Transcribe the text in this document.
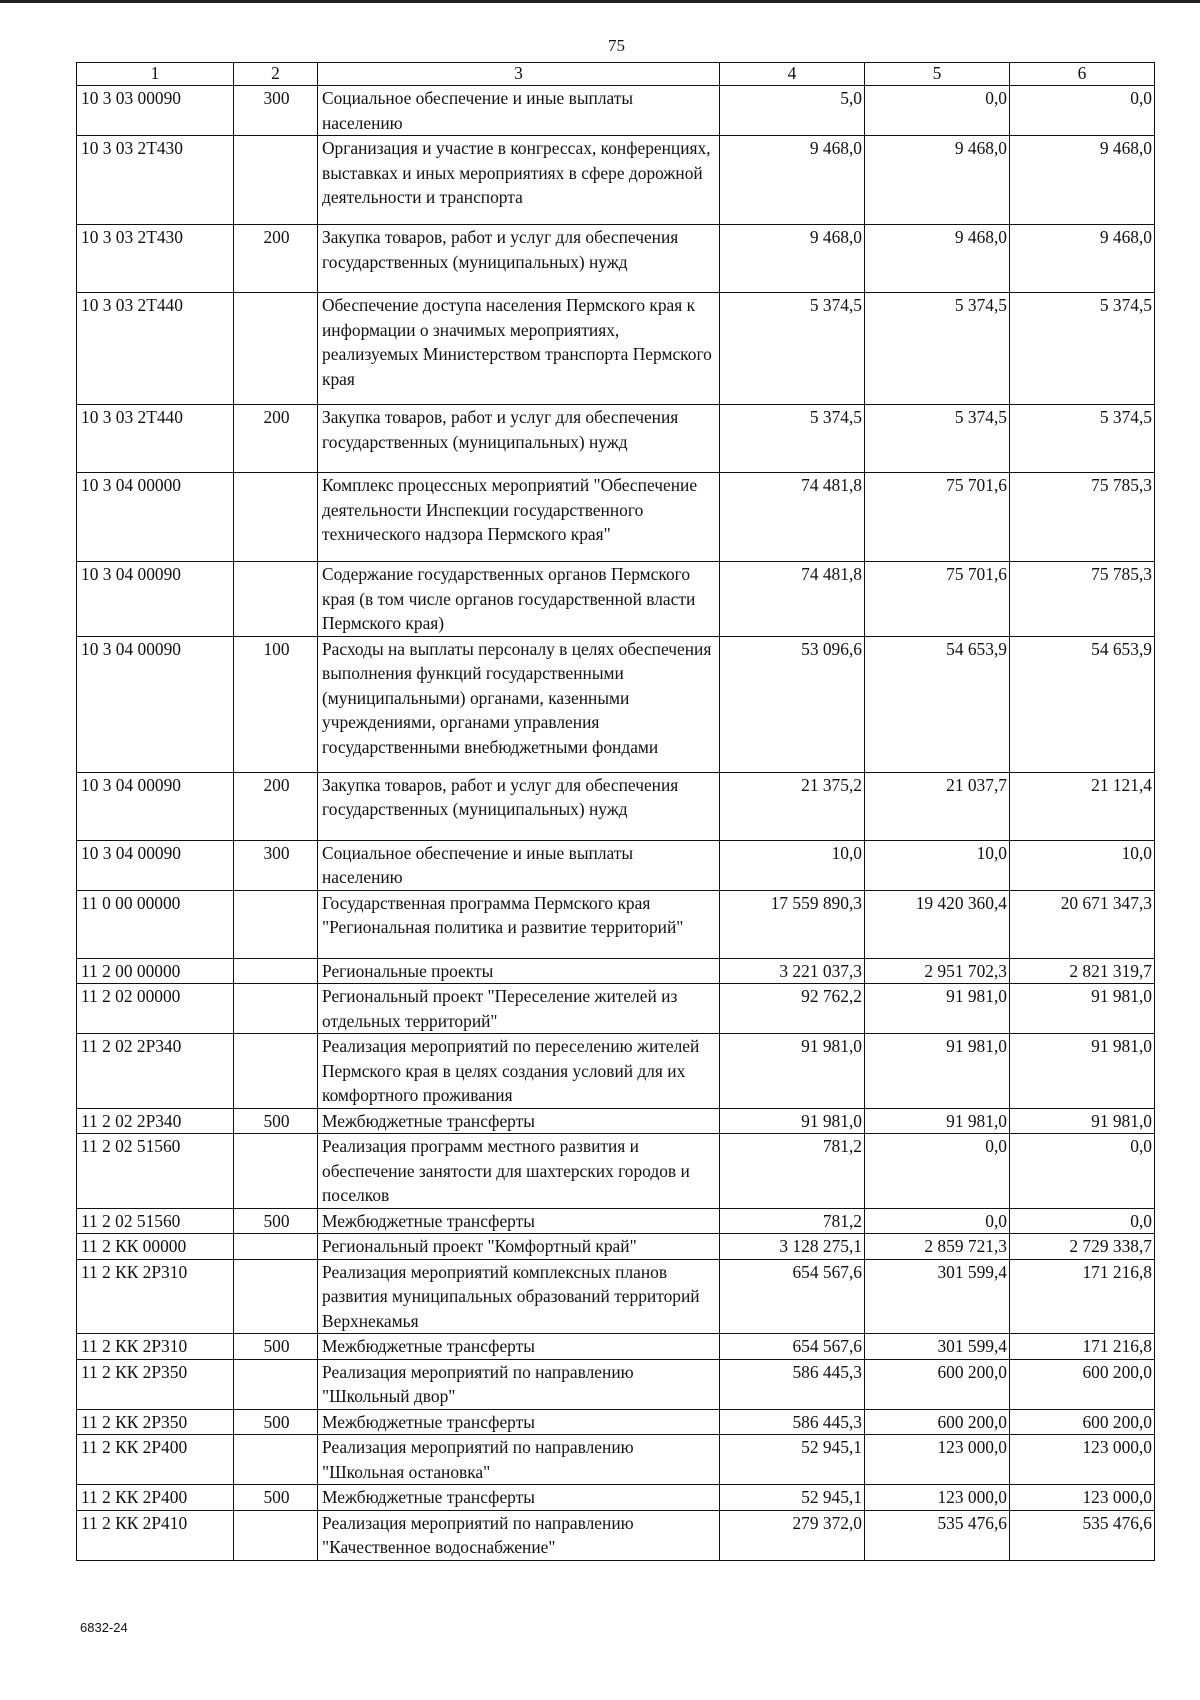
75
1	2	3	4	5	6
10 3 03 00090	300	Социальное обеспечение и иные выплаты населению	5,0	0,0	0,0
10 3 03 2Т430		Организация и участие в конгрессах, конференциях, выставках и иных мероприятиях в сфере дорожной деятельности и транспорта	9 468,0	9 468,0	9 468,0
10 3 03 2Т430	200	Закупка товаров, работ и услуг для обеспечения государственных (муниципальных) нужд	9 468,0	9 468,0	9 468,0
10 3 03 2Т440		Обеспечение доступа населения Пермского края к информации о значимых мероприятиях, реализуемых Министерством транспорта Пермского края	5 374,5	5 374,5	5 374,5
10 3 03 2Т440	200	Закупка товаров, работ и услуг для обеспечения государственных (муниципальных) нужд	5 374,5	5 374,5	5 374,5
10 3 04 00000		Комплекс процессных мероприятий "Обеспечение деятельности Инспекции государственного технического надзора Пермского края"	74 481,8	75 701,6	75 785,3
10 3 04 00090		Содержание государственных органов Пермского края (в том числе органов государственной власти Пермского края)	74 481,8	75 701,6	75 785,3
10 3 04 00090	100	Расходы на выплаты персоналу в целях обеспечения выполнения функций государственными (муниципальными) органами, казенными учреждениями, органами управления государственными внебюджетными фондами	53 096,6	54 653,9	54 653,9
10 3 04 00090	200	Закупка товаров, работ и услуг для обеспечения государственных (муниципальных) нужд	21 375,2	21 037,7	21 121,4
10 3 04 00090	300	Социальное обеспечение и иные выплаты населению	10,0	10,0	10,0
11 0 00 00000		Государственная программа Пермского края "Региональная политика и развитие территорий"	17 559 890,3	19 420 360,4	20 671 347,3
11 2 00 00000		Региональные проекты	3 221 037,3	2 951 702,3	2 821 319,7
11 2 02 00000		Региональный проект "Переселение жителей из отдельных территорий"	92 762,2	91 981,0	91 981,0
11 2 02 2Р340		Реализация мероприятий по переселению жителей Пермского края в целях создания условий для их комфортного проживания	91 981,0	91 981,0	91 981,0
11 2 02 2Р340	500	Межбюджетные трансферты	91 981,0	91 981,0	91 981,0
11 2 02 51560		Реализация программ местного развития и обеспечение занятости для шахтерских городов и поселков	781,2	0,0	0,0
11 2 02 51560	500	Межбюджетные трансферты	781,2	0,0	0,0
11 2 КК 00000		Региональный проект "Комфортный край"	3 128 275,1	2 859 721,3	2 729 338,7
11 2 КК 2Р310		Реализация мероприятий комплексных планов развития муниципальных образований территорий Верхнекамья	654 567,6	301 599,4	171 216,8
11 2 КК 2Р310	500	Межбюджетные трансферты	654 567,6	301 599,4	171 216,8
11 2 КК 2Р350		Реализация мероприятий по направлению "Школьный двор"	586 445,3	600 200,0	600 200,0
11 2 КК 2Р350	500	Межбюджетные трансферты	586 445,3	600 200,0	600 200,0
11 2 КК 2Р400		Реализация мероприятий по направлению "Школьная остановка"	52 945,1	123 000,0	123 000,0
11 2 КК 2Р400	500	Межбюджетные трансферты	52 945,1	123 000,0	123 000,0
11 2 КК 2Р410		Реализация мероприятий по направлению "Качественное водоснабжение"	279 372,0	535 476,6	535 476,6
6832-24
